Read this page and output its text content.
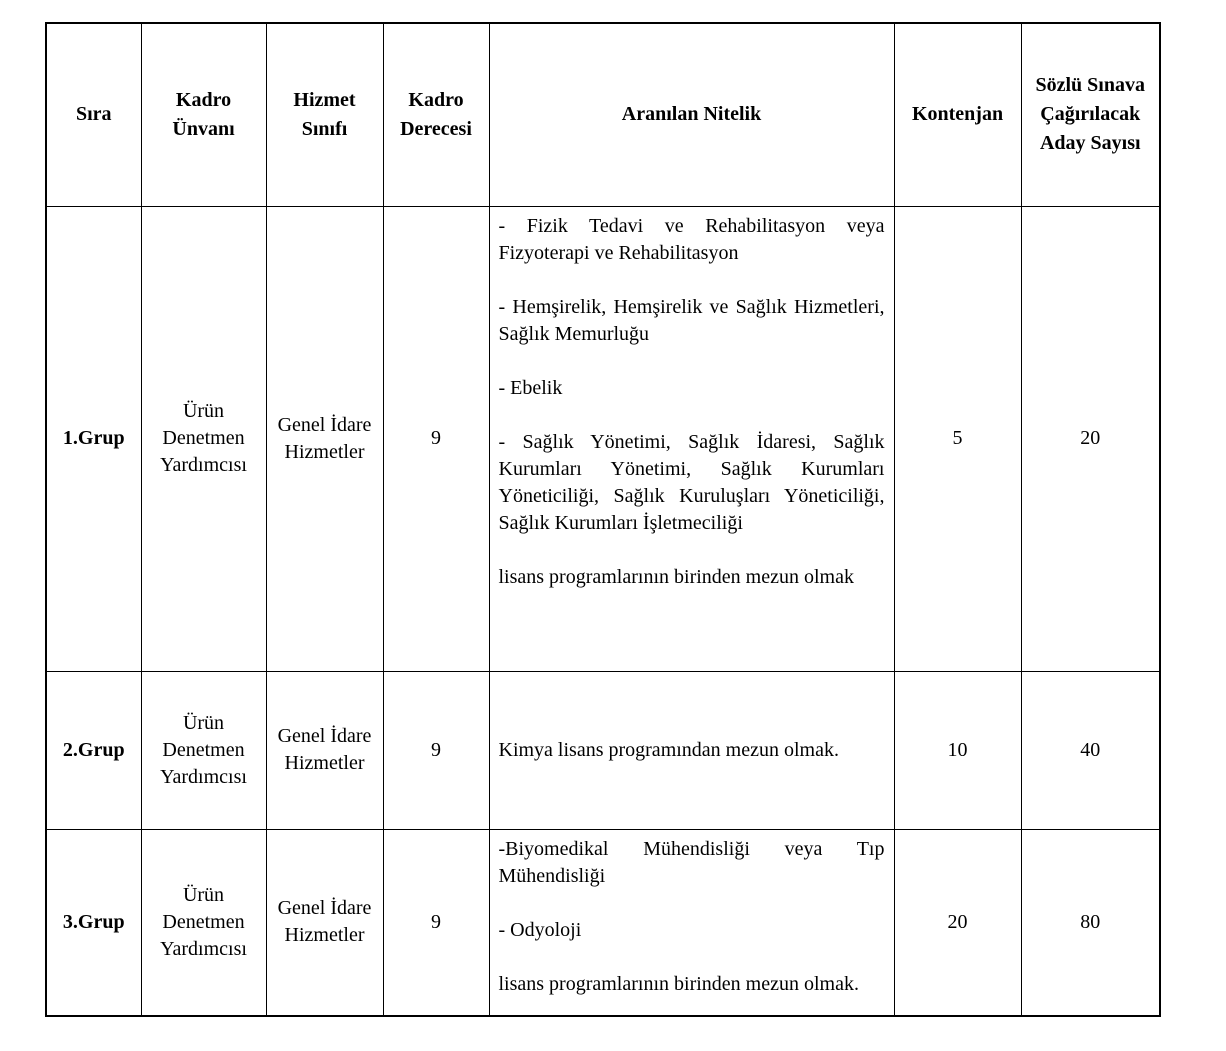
Sıra	Kadro Ünvanı	Hizmet Sınıfı	Kadro Derecesi	Aranılan Nitelik	Kontenjan	Sözlü Sınava Çağırılacak Aday Sayısı
1.Grup	Ürün Denetmen Yardımcısı	Genel İdare Hizmetler	9	- Fizik Tedavi ve Rehabilitasyon veya Fizyoterapi ve Rehabilitasyon

- Hemşirelik, Hemşirelik ve Sağlık Hizmetleri, Sağlık Memurluğu

- Ebelik

- Sağlık Yönetimi, Sağlık İdaresi, Sağlık Kurumları Yönetimi, Sağlık Kurumları Yöneticiliği, Sağlık Kuruluşları Yöneticiliği, Sağlık Kurumları İşletmeciliği

lisans programlarının birinden mezun olmak	5	20
2.Grup	Ürün Denetmen Yardımcısı	Genel İdare Hizmetler	9	Kimya lisans programından mezun olmak.	10	40
3.Grup	Ürün Denetmen Yardımcısı	Genel İdare Hizmetler	9	-Biyomedikal Mühendisliği veya Tıp Mühendisliği

- Odyoloji

lisans programlarının birinden mezun olmak.	20	80
